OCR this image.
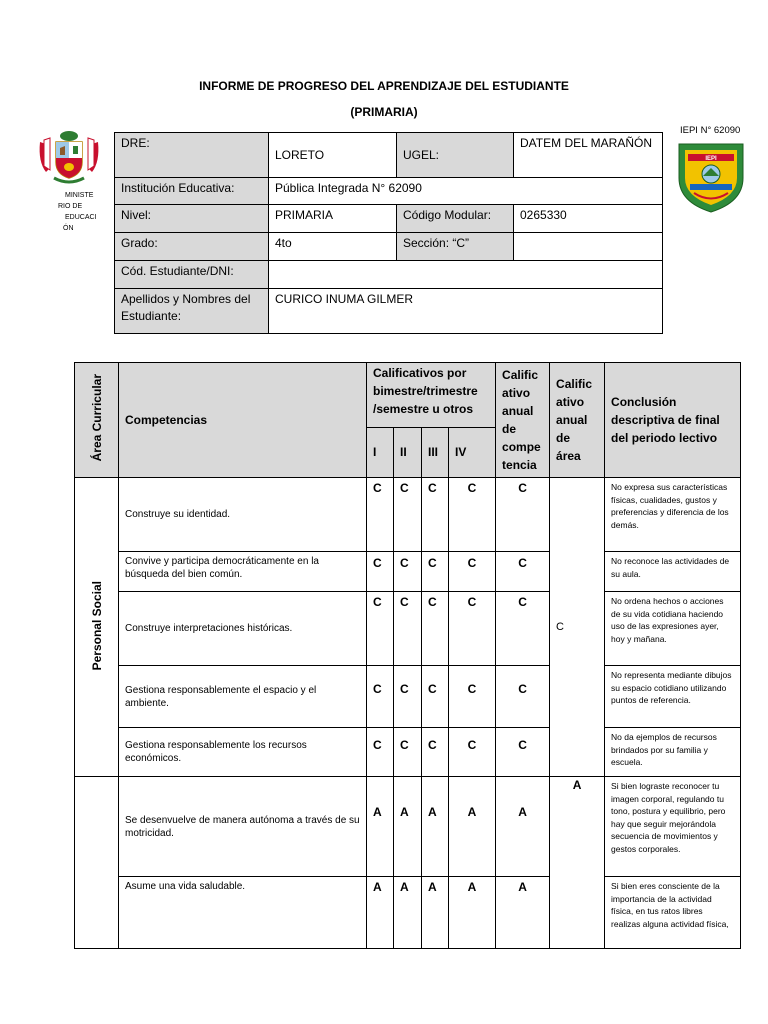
INFORME DE PROGRESO DEL APRENDIZAJE DEL ESTUDIANTE
(PRIMARIA)
MINISTE
RIO DE
EDUCACI
ÓN
IEPI N° 62090
IEPI
DRE:	LORETO	UGEL:	DATEM DEL MARAÑÓN
Institución Educativa:	Pública Integrada N° 62090		
Nivel:	PRIMARIA	Código Modular:	0265330
Grado:	4to	Sección: “C”	
Cód. Estudiante/DNI:			
Apellidos y Nombres del Estudiante:	CURICO INUMA GILMER		
Área Curricular	Competencias	Calificativos por bimestre/trimestre /semestre u otros				Calific ativo anual de compe tencia	Calific ativo anual de área	Conclusión descriptiva de final del periodo lectivo
		I	II	III	IV			
Personal Social	Construye su identidad.	C	C	C	C	C	C	No expresa sus características físicas, cualidades, gustos y preferencias y diferencia de los demás.
	Convive y participa democráticamente en la búsqueda del bien común.	C	C	C	C	C		No reconoce las actividades de su aula.
	Construye interpretaciones históricas.	C	C	C	C	C		No ordena hechos o acciones de su vida cotidiana haciendo uso de las expresiones ayer, hoy y mañana.
	Gestiona responsablemente el espacio y el ambiente.	C	C	C	C	C		No representa mediante dibujos su espacio cotidiano utilizando puntos de referencia.
	Gestiona responsablemente los recursos económicos.	C	C	C	C	C		No da ejemplos de recursos brindados por su familia y escuela.
	Se desenvuelve de manera autónoma a través de su motricidad.	A	A	A	A	A	A	Si bien lograste reconocer tu imagen corporal, regulando tu tono, postura y equilibrio, pero hay que seguir mejorándola secuencia de movimientos y gestos corporales.
	Asume una vida saludable.	A	A	A	A	A		Si bien eres consciente de la importancia de la actividad física, en tus ratos libres realizas alguna actividad física,
